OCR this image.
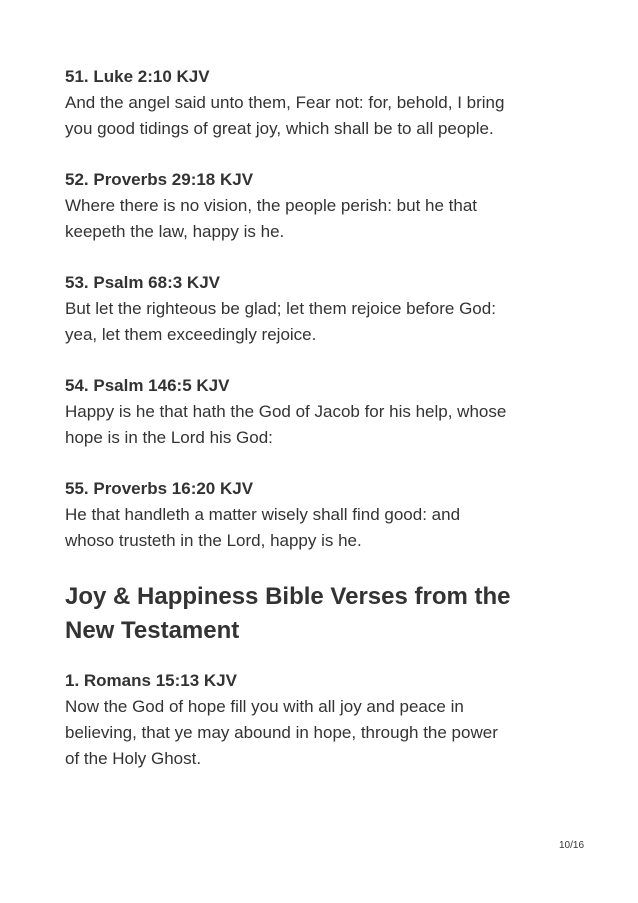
51. Luke 2:10 KJV

And the angel said unto them, Fear not: for, behold, I bring
you good tidings of great joy, which shall be to all people.

52. Proverbs 29:18 KJV

Where there is no vision, the people perish: but he that
keepeth the law, happy is he.

53. Psalm 68:3 KJV

But let the righteous be glad; let them rejoice before God:
yea, let them exceedingly rejoice.

54. Psalm 146:5 KJV

Happy is he that hath the God of Jacob for his help, whose
hope is in the Lord his God:

55. Proverbs 16:20 KJV

He that handleth a matter wisely shall find good: and
whoso trusteth in the Lord, happy is he.

Joy & Happiness Bible Verses from the
New Testament

1. Romans 15:13 KJV

Now the God of hope fill you with all joy and peace in
believing, that ye may abound in hope, through the power
of the Holy Ghost.

10/16
